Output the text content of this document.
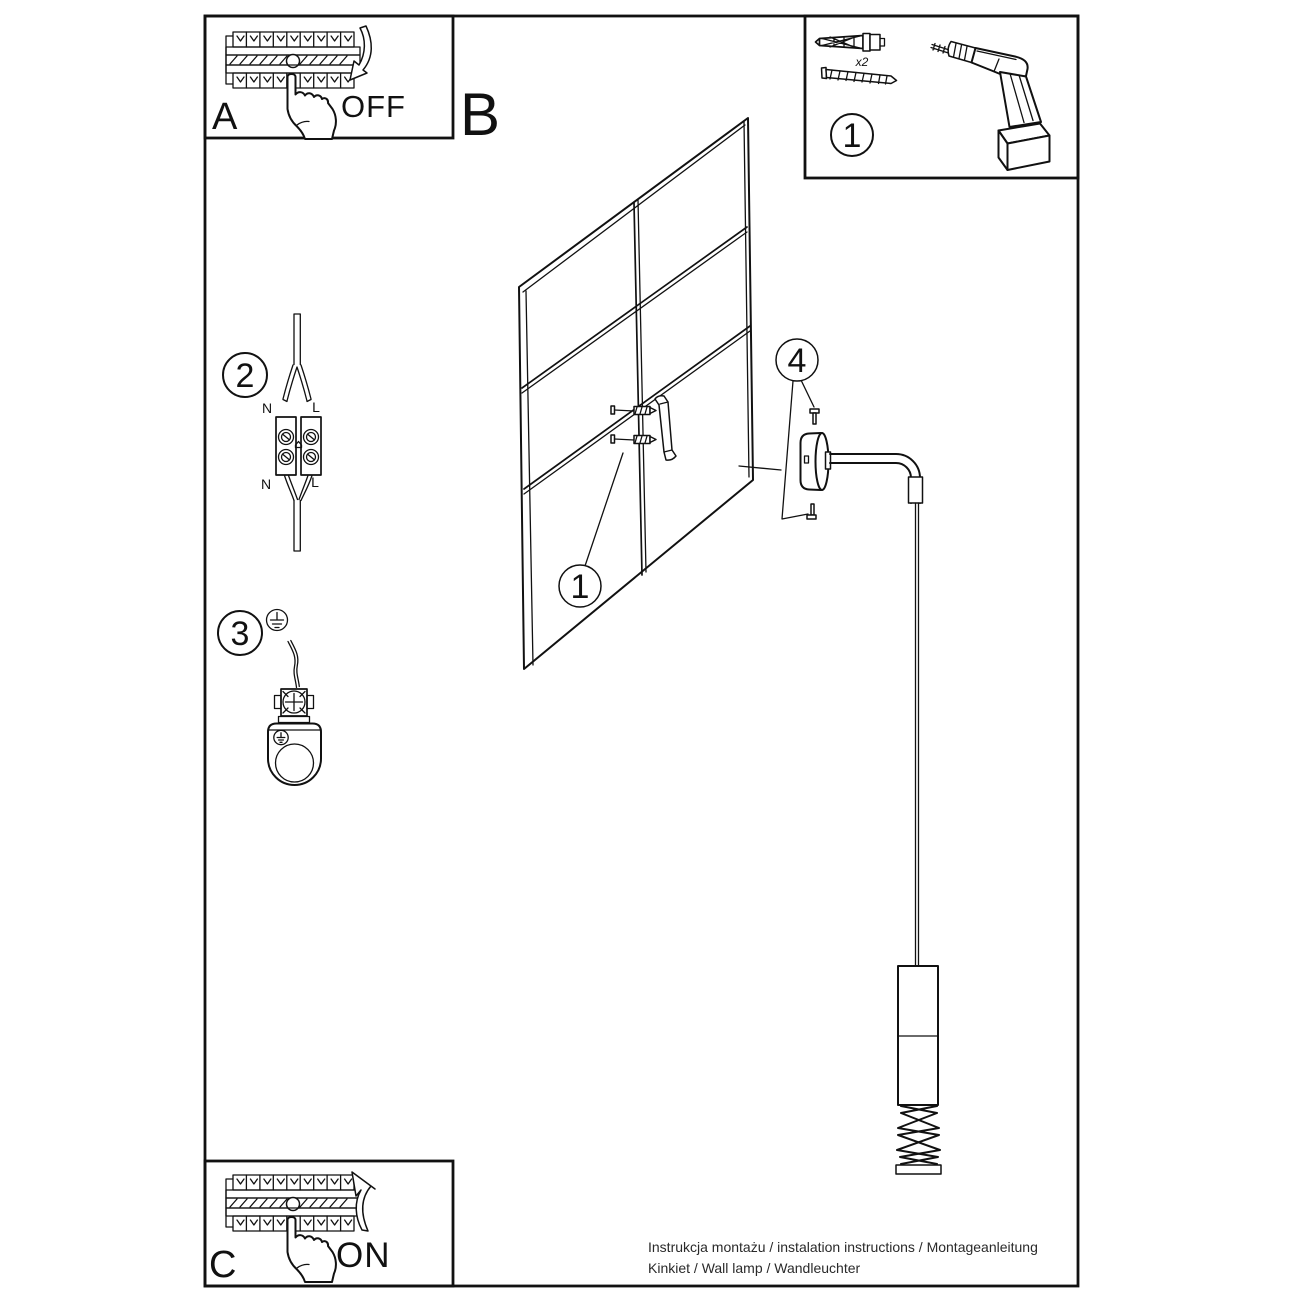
A	OFF B
x2
1
1
4
2
N	L
N	L
3
C	ON	Instrukcja montażu / instalation instructions / Montageanleitung
Kinkiet / Wall lamp / Wandleuchter
